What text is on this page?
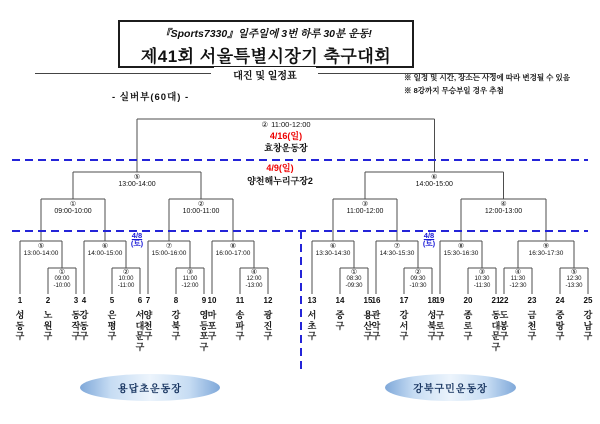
『Sports7330』일주일에 3번 하루 30분 운동!
제41회 서울특별시장기 축구대회
대진 및 일정표	※ 일정 및 시간, 장소는 사정에 따라 변경될 수 있음
※ 8강까지 무승부일 경우 추첨
- 실버부(60대) -
1
성
동
구
2
노
원
구
3
동
작
구
①
09:00
-10:00
⑤
13:00-14:00
4
강
동
구
5
은
평
구
6
서
대
문
구
②
10:00
-11:00
⑥
14:00-15:00
7
양
천
구
8
강
북
구
9
영
등
포
구
③
11:00
-12:00
⑦
15:00-16:00
10
마
포
구
11
송
파
구
12
광
진
구
④
12:00
-13:00
⑧
16:00-17:00
①
09:00-10:00
②
10:00-11:00
⑤
13:00-14:00
13
서
초
구
14
중
구
15
용
산
구
①
08:30
-09:30
⑥
13:30-14:30
16
관
악
구
17
강
서
구
18
성
북
구
②
09:30
-10:30
⑦
14:30-15:30
19
구
로
구
20
종
로
구
21
동
대
문
구
③
10:30
-11:30
⑧
15:30-16:30
22
도
봉
구
23
금
천
구
④
11:30
-12:30
24
중
랑
구
25
강
남
구
⑤
12:30
-13:30
⑨
16:30-17:30
③
11:00-12:00
④
12:00-13:00
⑥
14:00-15:00
② 11:00-12:00
4/16(일)
효창운동장
4/9(일)
양천해누리구장2
4/8
(토)
4/8
(토)
용답초운동장	강북구민운동장
